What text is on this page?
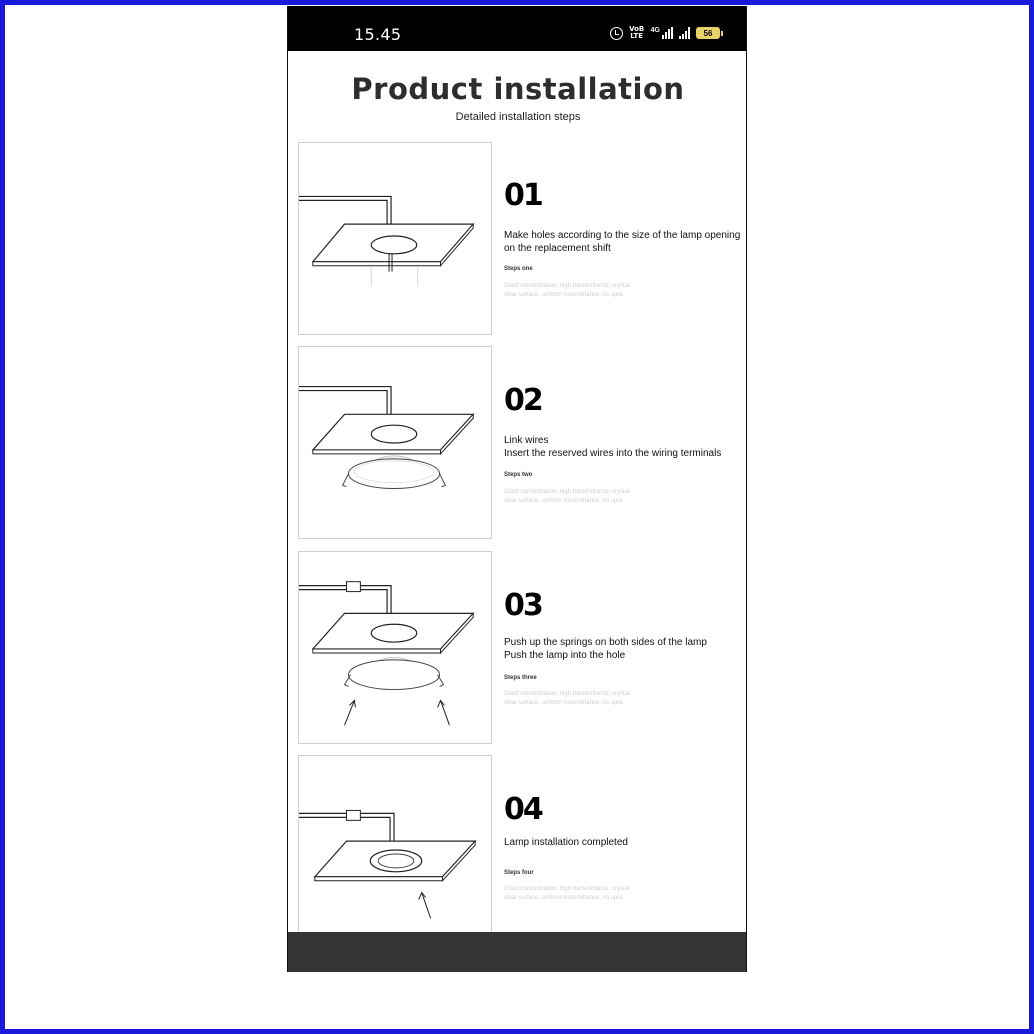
15.45	VoB LTE
4G	56
Product installation
Detailed installation steps
01
Make holes according to the size of the lamp opening
on the replacement shift
Steps one
Good concentration, high transmittance, crystal
clear surface, uniform transmittance, no spot.
02
Link wires
Insert the reserved wires into the wiring terminals
Steps two
Good concentration, high transmittance, crystal
clear surface, uniform transmittance, no spot.
03
Push up the springs on both sides of the lamp
Push the lamp into the hole
Steps three
Good concentration, high transmittance, crystal
clear surface, uniform transmittance, no spot.
04
Lamp installation completed
Steps four
Good concentration, high transmittance, crystal
clear surface, uniform transmittance, no spot.
